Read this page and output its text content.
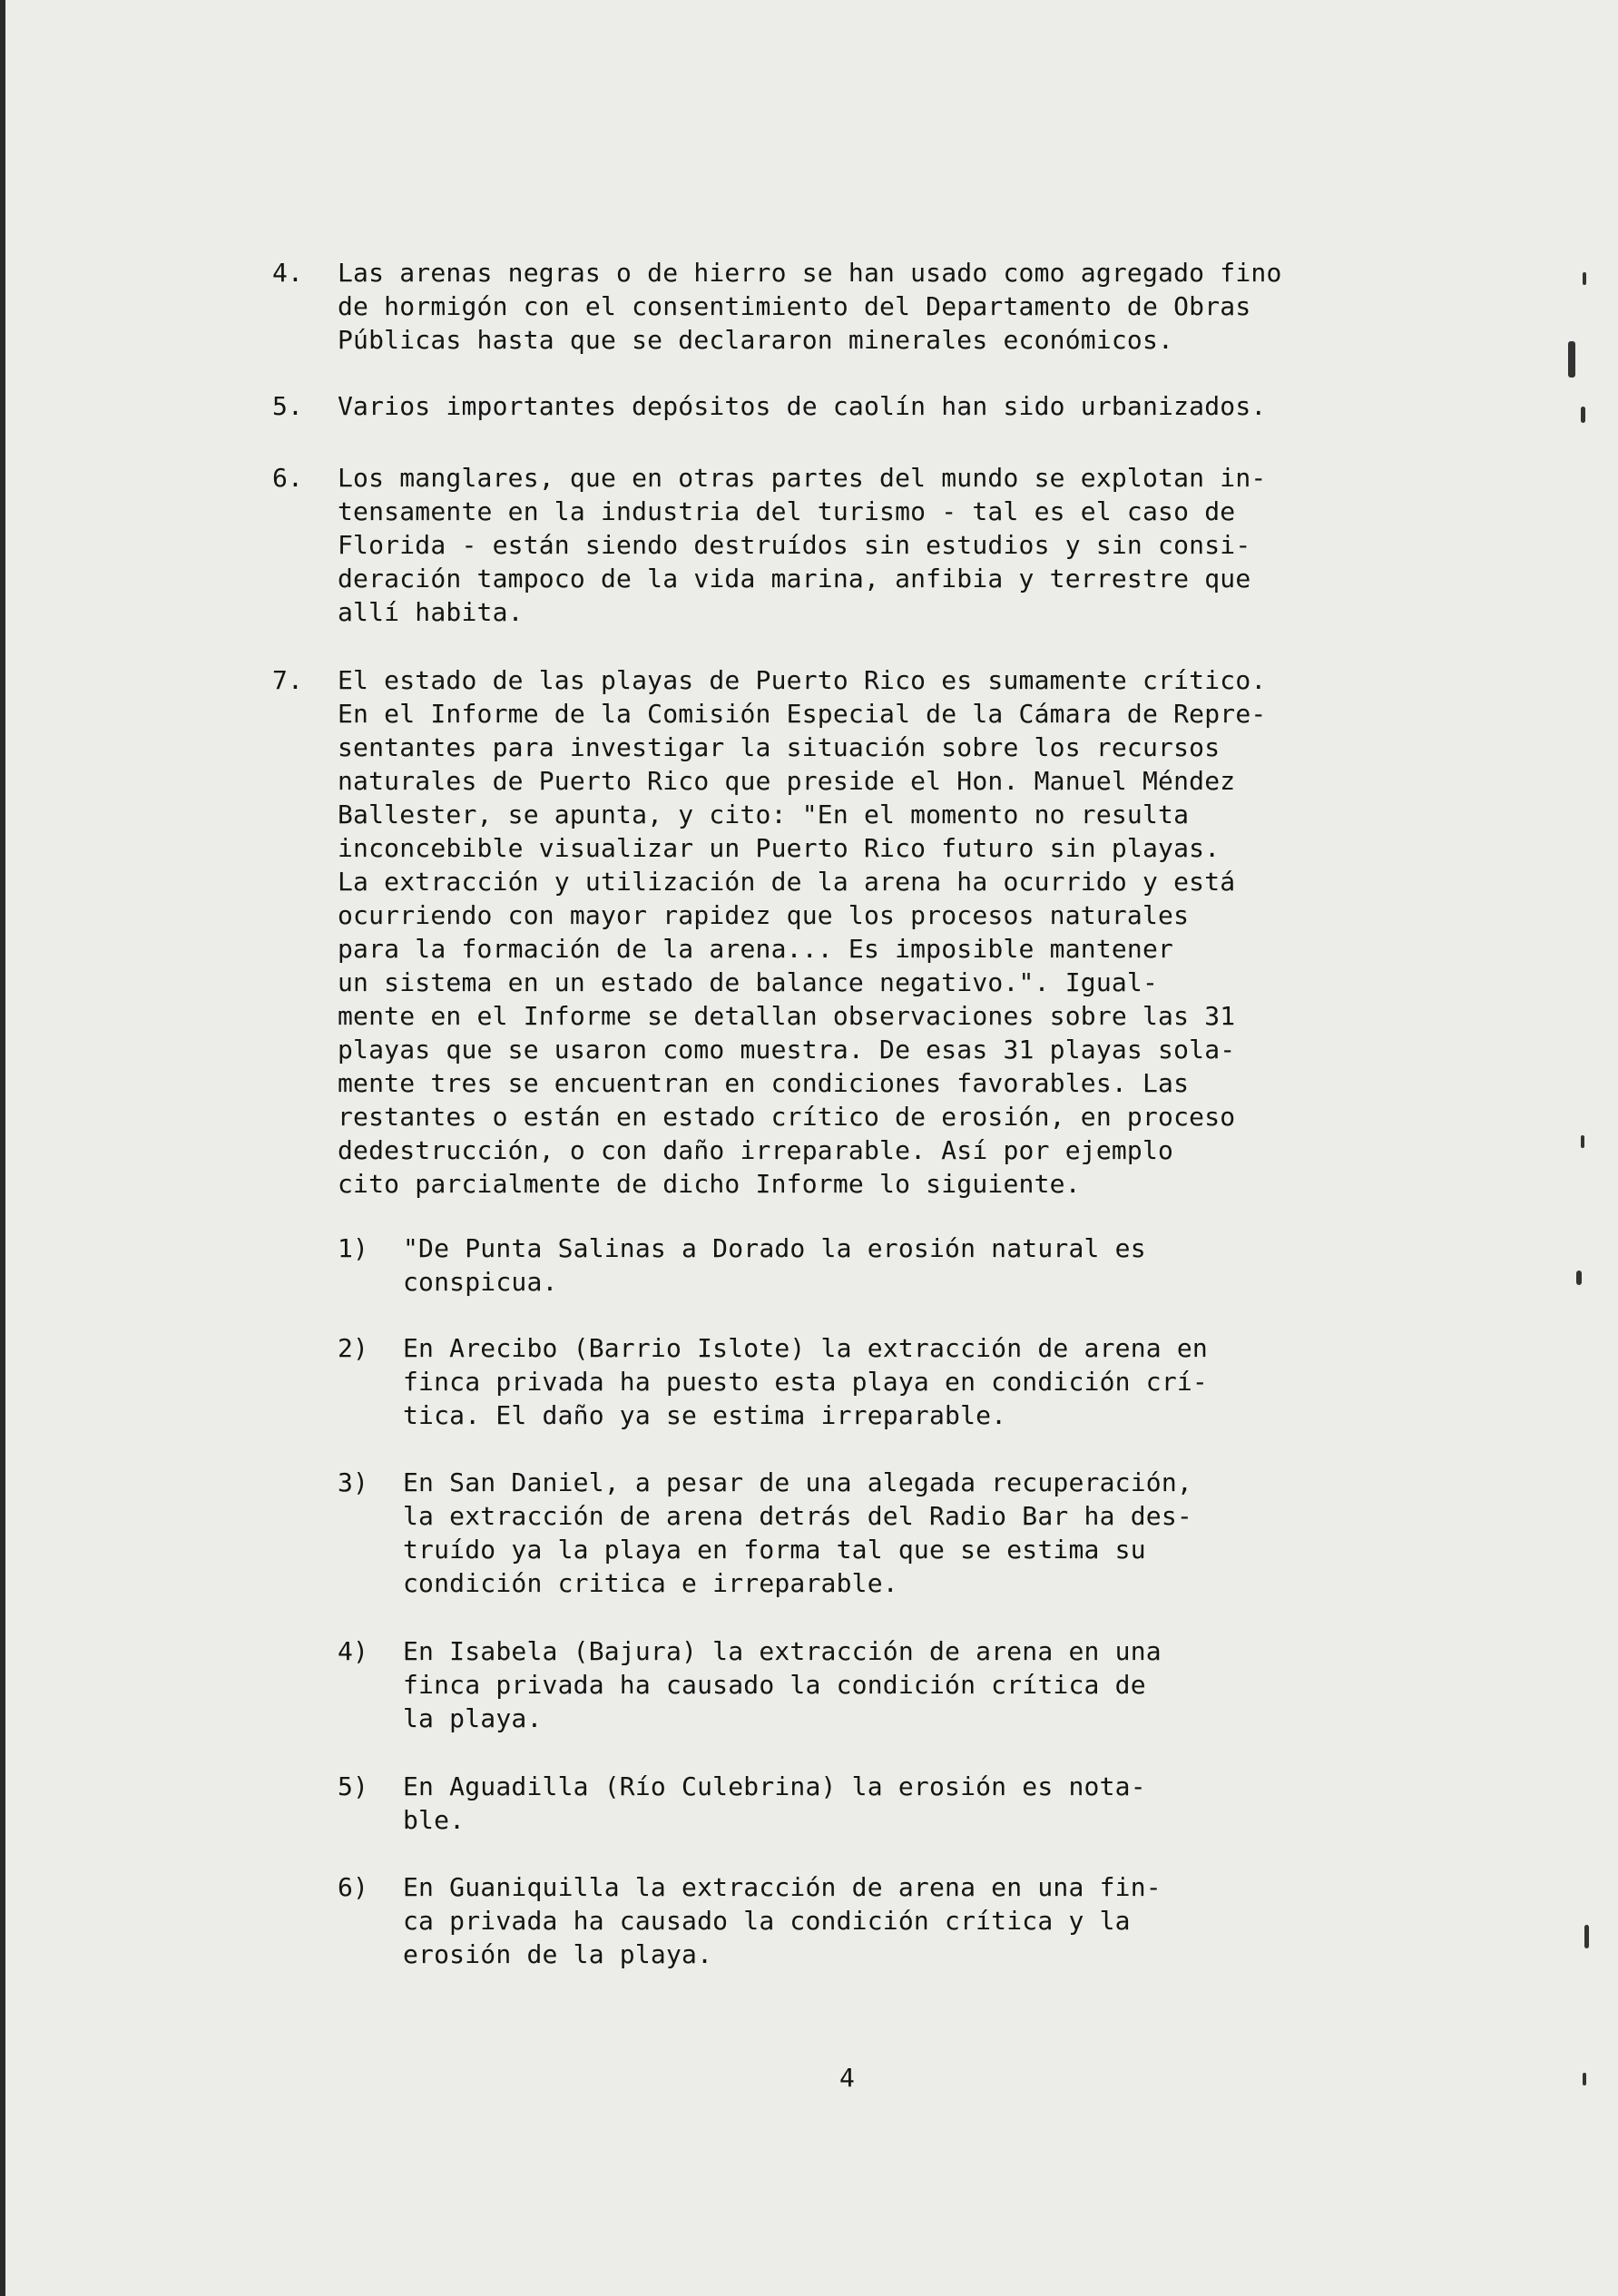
4. Las arenas negras o de hierro se han usado como agregado fino
de hormigón con el consentimiento del Departamento de Obras
Públicas hasta que se declararon minerales económicos.
5. Varios importantes depósitos de caolín han sido urbanizados.
6. Los manglares, que en otras partes del mundo se explotan in-
tensamente en la industria del turismo - tal es el caso de
Florida - están siendo destruídos sin estudios y sin consi-
deración tampoco de la vida marina, anfibia y terrestre que
allí habita.
7. El estado de las playas de Puerto Rico es sumamente crítico.
En el Informe de la Comisión Especial de la Cámara de Repre-
sentantes para investigar la situación sobre los recursos
naturales de Puerto Rico que preside el Hon. Manuel Méndez
Ballester, se apunta, y cito: "En el momento no resulta
inconcebible visualizar un Puerto Rico futuro sin playas.
La extracción y utilización de la arena ha ocurrido y está
ocurriendo con mayor rapidez que los procesos naturales
para la formación de la arena... Es imposible mantener
un sistema en un estado de balance negativo.". Igual-
mente en el Informe se detallan observaciones sobre las 31
playas que se usaron como muestra. De esas 31 playas sola-
mente tres se encuentran en condiciones favorables. Las
restantes o están en estado crítico de erosión, en proceso
dedestrucción, o con daño irreparable. Así por ejemplo
cito parcialmente de dicho Informe lo siguiente.
1) "De Punta Salinas a Dorado la erosión natural es
conspicua.
2) En Arecibo (Barrio Islote) la extracción de arena en
finca privada ha puesto esta playa en condición crí-
tica. El daño ya se estima irreparable.
3) En San Daniel, a pesar de una alegada recuperación,
la extracción de arena detrás del Radio Bar ha des-
truído ya la playa en forma tal que se estima su
condición critica e irreparable.
4) En Isabela (Bajura) la extracción de arena en una
finca privada ha causado la condición crítica de
la playa.
5) En Aguadilla (Río Culebrina) la erosión es nota-
ble.
6) En Guaniquilla la extracción de arena en una fin-
ca privada ha causado la condición crítica y la
erosión de la playa.
4
